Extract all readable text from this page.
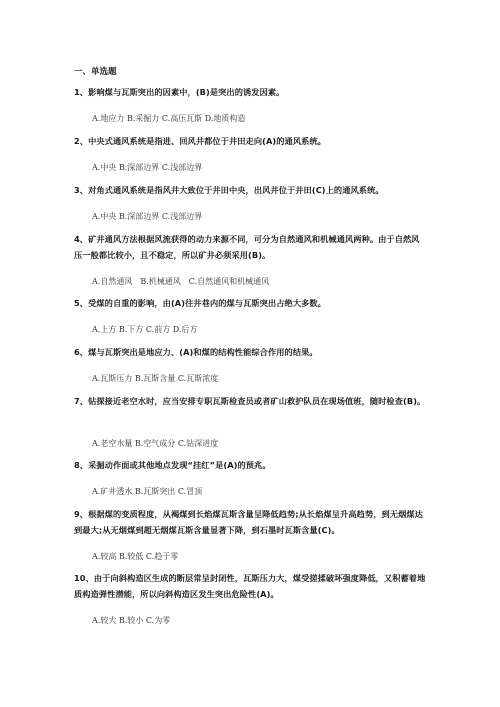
一、单选题
1、影响煤与瓦斯突出的因素中，(B)是突出的诱发因素。
A.地应力 B.采掘力 C.高压瓦斯 D.地质构造
2、中央式通风系统是指进、回风井都位于井田走向(A)的通风系统。
A.中央 B.深部边界 C.浅部边界
3、对角式通风系统是指风井大致位于井田中央，出风井位于井田(C)上的通风系统。
A.中央 B.深部边界 C.浅部边界
4、矿井通风方法根据风流获得的动力来源不同，可分为自然通风和机械通风两种。由于自然风压一般都比较小，且不稳定，所以矿井必须采用(B)。
A.自然通风　B.机械通风　C.自然通风和机械通风
5、受煤的自重的影响，由(A)往井巷内的煤与瓦斯突出占绝大多数。
A.上方 B.下方 C.前方 D.后方
6、煤与瓦斯突出是地应力、(A)和煤的结构性能综合作用的结果。
A.瓦斯压力 B.瓦斯含量 C.瓦斯浓度
7、钻探接近老空水时，应当安排专职瓦斯检查员或者矿山救护队员在现场值班，随时检查(B)。
A.老空水量 B.空气成分 C.钻深进度
8、采掘动作面或其他地点发现“挂红”是(A)的预兆。
A.矿井透水 B.瓦斯突出 C.冒顶
9、根据煤的变质程度，从褐煤到长焰煤瓦斯含量呈降低趋势;从长焰煤呈升高趋势，到无烟煤达到最大;从无烟煤到超无烟煤瓦斯含量显著下降，到石墨时瓦斯含量(C)。
A.较高 B.较低 C.趋于零
10、由于向斜构造区生成的断层常呈封闭性，瓦斯压力大，煤受搓揉破坏强度降低，又积蓄着地质构造弹性潜能，所以向斜构造区发生突出危险性(A)。
A.较大 B.较小 C.为零
